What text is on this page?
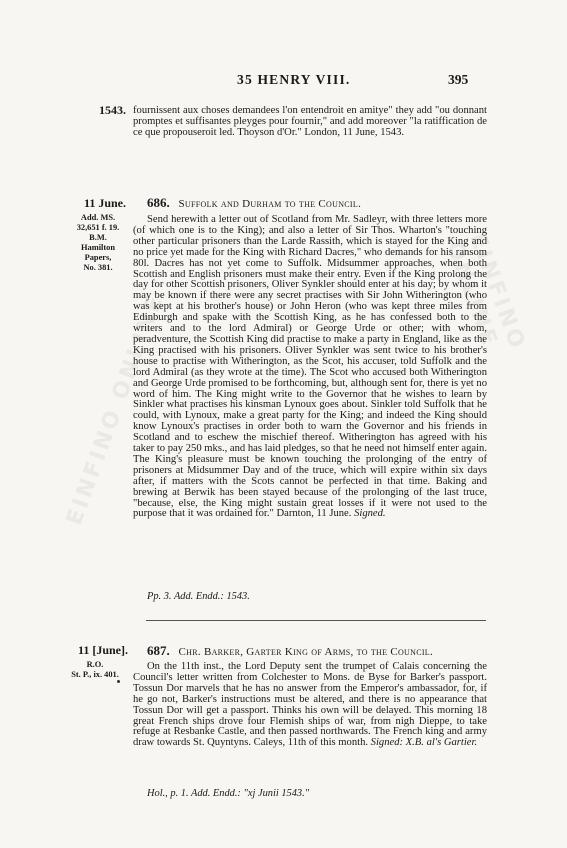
EINFINO ONLINE
EINFINO ONLINE
35 HENRY VIII.	395
1543. fournissent aux choses demandees l'on entendroit en amitye" they add "ou donnant promptes et suffisantes pleyges pour fournir," and add moreover "la ratiffication de ce que propouseroit led. Thoyson d'Or." London, 11 June, 1543.

11 June.
Add. MS.
32,651 f. 19.
B.M.
Hamilton
Papers,
No. 381.
686. Suffolk and Durham to the Council.

Send herewith a letter out of Scotland from Mr. Sadleyr, with three letters more (of which one is to the King); and also a letter of Sir Thos. Wharton's "touching other particular prisoners than the Larde Rassith, which is stayed for the King and no price yet made for the King with Richard Dacres," who demands for his ransom 80l. Dacres has not yet come to Suffolk. Midsummer approaches, when both Scottish and English prisoners must make their entry. Even if the King prolong the day for other Scottish prisoners, Oliver Synkler should enter at his day; by whom it may be known if there were any secret practises with Sir John Witherington (who was kept at his brother's house) or John Heron (who was kept three miles from Edinburgh and spake with the Scottish King, as he has confessed both to the writers and to the lord Admiral) or George Urde or other; with whom, peradventure, the Scottish King did practise to make a party in England, like as the King practised with his prisoners. Oliver Synkler was sent twice to his brother's house to practise with Witherington, as the Scot, his accuser, told Suffolk and the lord Admiral (as they wrote at the time). The Scot who accused both Witherington and George Urde promised to be forthcoming, but, although sent for, there is yet no word of him. The King might write to the Governor that he wishes to learn by Sinkler what practises his kinsman Lynoux goes about. Sinkler told Suffolk that he could, with Lynoux, make a great party for the King; and indeed the King should know Lynoux's practises in order both to warn the Governor and his friends in Scotland and to eschew the mischief thereof. Witherington has agreed with his taker to pay 250 mks., and has laid pledges, so that he need not himself enter again. The King's pleasure must be known touching the prolonging of the entry of prisoners at Midsummer Day and of the truce, which will expire within six days after, if matters with the Scots cannot be perfected in that time. Baking and brewing at Berwik has been stayed because of the prolonging of the last truce, "because, else, the King might sustain great losses if it were not used to the purpose that it was ordained for." Darnton, 11 June. Signed.

Pp. 3. Add. Endd.: 1543.
11 [June].
R.O.
St. P., ix. 401.
687. Chr. Barker, Garter King of Arms, to the Council.

On the 11th inst., the Lord Deputy sent the trumpet of Calais concerning the Council's letter written from Colchester to Mons. de Byse for Barker's passport. Tossun Dor marvels that he has no answer from the Emperor's ambassador, for, if he go not, Barker's instructions must be altered, and there is no appearance that Tossun Dor will get a passport. Thinks his own will be delayed. This morning 18 great French ships drove four Flemish ships of war, from nigh Dieppe, to take refuge at Resbanke Castle, and then passed northwards. The French king and army draw towards St. Quyntyns. Caleys, 11th of this month. Signed: X.B. al's Gartier.

Hol., p. 1. Add. Endd.: "xj Junii 1543."
